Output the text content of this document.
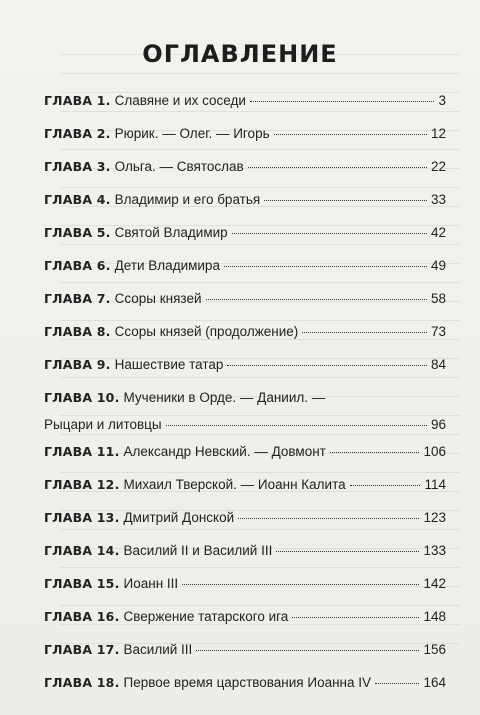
ОГЛАВЛЕНИЕ
ГЛАВА 1. Славяне и их соседи	3
ГЛАВА 2. Рюрик. — Олег. — Игорь	12
ГЛАВА 3. Ольга. — Святослав	22
ГЛАВА 4. Владимир и его братья	33
ГЛАВА 5. Святой Владимир	42
ГЛАВА 6. Дети Владимира	49
ГЛАВА 7. Ссоры князей	58
ГЛАВА 8. Ссоры князей (продолжение)	73
ГЛАВА 9. Нашествие татар	84
ГЛАВА 10. Мученики в Орде. — Даниил. —
Рыцари и литовцы	96
ГЛАВА 11. Александр Невский. — Довмонт	106
ГЛАВА 12. Михаил Тверской. — Иоанн Калита	114
ГЛАВА 13. Дмитрий Донской	123
ГЛАВА 14. Василий II и Василий III	133
ГЛАВА 15. Иоанн III	142
ГЛАВА 16. Свержение татарского ига	148
ГЛАВА 17. Василий III	156
ГЛАВА 18. Первое время царствования Иоанна IV	164
